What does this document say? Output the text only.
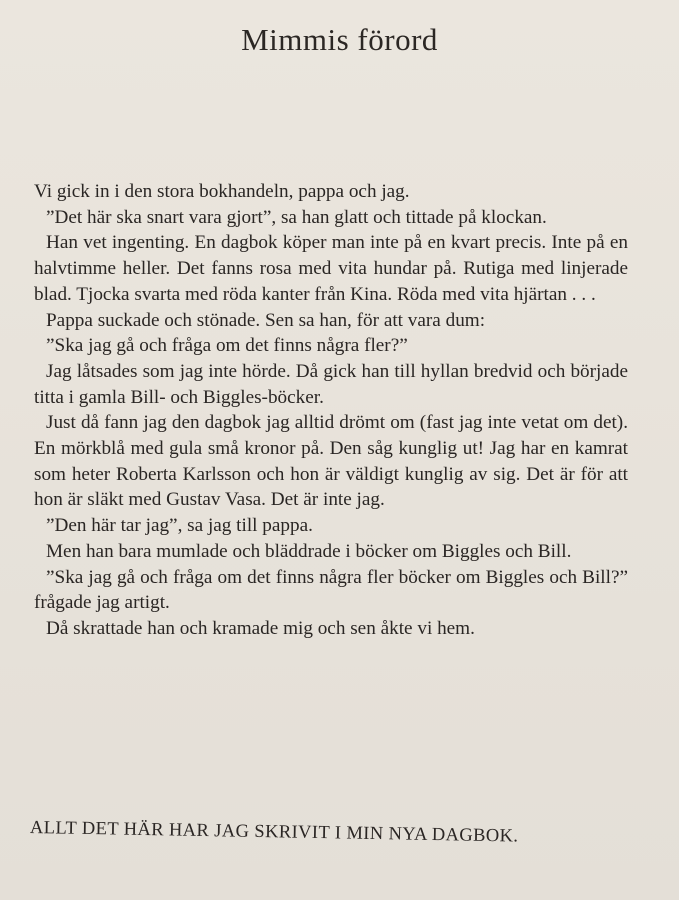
Mimmis förord

Vi gick in i den stora bokhandeln, pappa och jag.

”Det här ska snart vara gjort”, sa han glatt och tittade på klockan.

Han vet ingenting. En dagbok köper man inte på en kvart precis. Inte på en halvtimme heller. Det fanns rosa med vita hundar på. Rutiga med linjerade blad. Tjocka svarta med röda kanter från Kina. Röda med vita hjärtan . . .

Pappa suckade och stönade. Sen sa han, för att vara dum:

”Ska jag gå och fråga om det finns några fler?”

Jag låtsades som jag inte hörde. Då gick han till hyllan bredvid och började titta i gamla Bill- och Biggles-böcker.

Just då fann jag den dagbok jag alltid drömt om (fast jag inte vetat om det). En mörkblå med gula små kronor på. Den såg kunglig ut! Jag har en kamrat som heter Roberta Karlsson och hon är väldigt kunglig av sig. Det är för att hon är släkt med Gustav Vasa. Det är inte jag.

”Den här tar jag”, sa jag till pappa.

Men han bara mumlade och bläddrade i böcker om Biggles och Bill.

”Ska jag gå och fråga om det finns några fler böcker om Biggles och Bill?” frågade jag artigt.

Då skrattade han och kramade mig och sen åkte vi hem.

ALLT DET HÄR HAR JAG SKRIVIT I MIN NYA DAGBOK.
